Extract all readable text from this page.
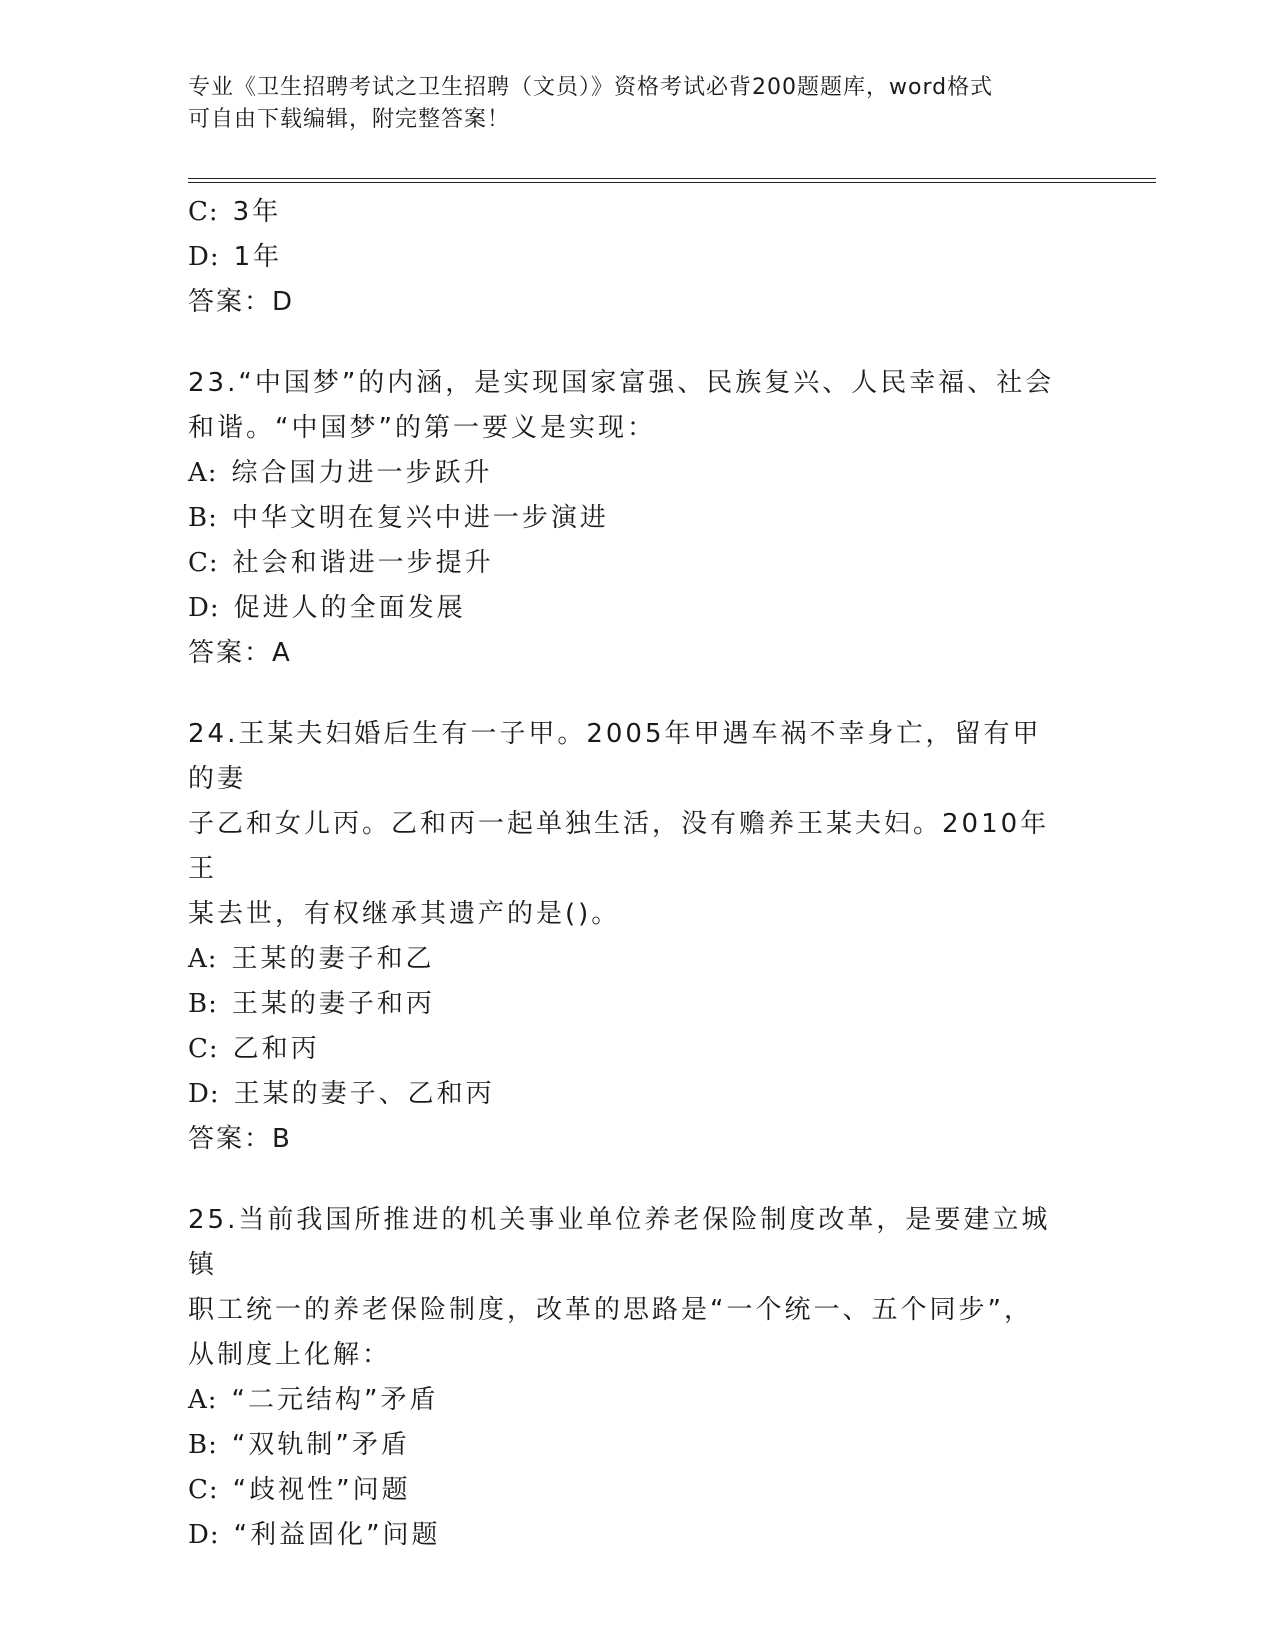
专业《卫生招聘考试之卫生招聘（文员）》资格考试必背200题题库，word格式
可自由下载编辑，附完整答案！
C: 3年
D: 1年
答案：D
23.“中国梦”的内涵，是实现国家富强、民族复兴、人民幸福、社会
和谐。“中国梦”的第一要义是实现：
A: 综合国力进一步跃升
B: 中华文明在复兴中进一步演进
C: 社会和谐进一步提升
D: 促进人的全面发展
答案：A
24.王某夫妇婚后生有一子甲。2005年甲遇车祸不幸身亡，留有甲的妻
子乙和女儿丙。乙和丙一起单独生活，没有赡养王某夫妇。2010年王
某去世，有权继承其遗产的是()。
A: 王某的妻子和乙
B: 王某的妻子和丙
C: 乙和丙
D: 王某的妻子、乙和丙
答案：B
25.当前我国所推进的机关事业单位养老保险制度改革，是要建立城镇
职工统一的养老保险制度，改革的思路是“一个统一、五个同步”，
从制度上化解：
A: “二元结构”矛盾
B: “双轨制”矛盾
C: “歧视性”问题
D: “利益固化”问题
